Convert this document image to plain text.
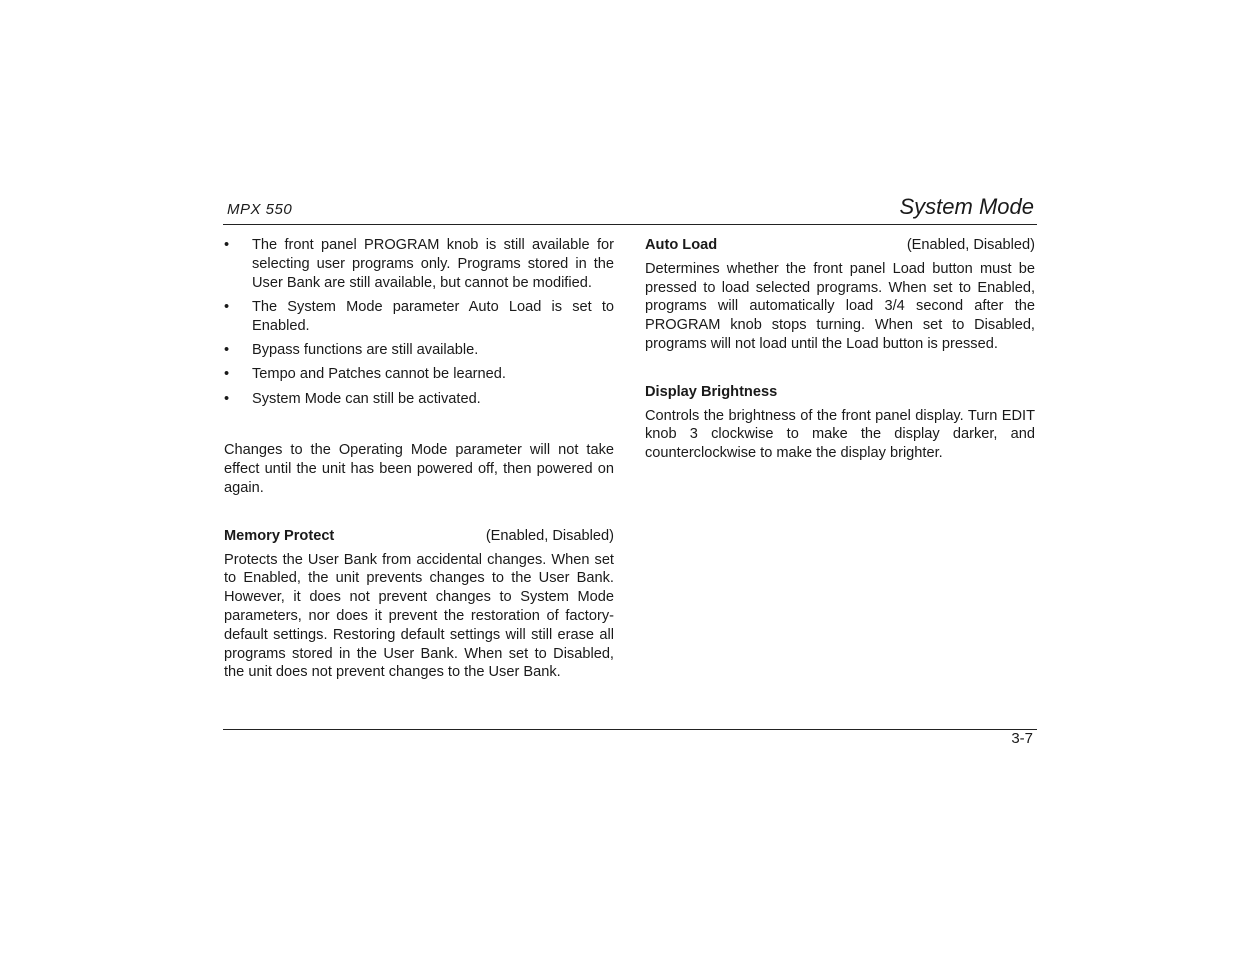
MPX 550	System Mode
• The front panel PROGRAM knob is still available for selecting user programs only. Programs stored in the User Bank are still available, but cannot be modified.
• The System Mode parameter Auto Load is set to Enabled.
• Bypass functions are still available.
• Tempo and Patches cannot be learned.
• System Mode can still be activated.

Changes to the Operating Mode parameter will not take effect until the unit has been powered off, then powered on again.

Memory Protect	(Enabled, Disabled)

Protects the User Bank from accidental changes. When set to Enabled, the unit prevents changes to the User Bank. However, it does not prevent changes to System Mode parameters, nor does it prevent the restoration of factory-default settings. Restoring default settings will still erase all programs stored in the User Bank. When set to Disabled, the unit does not prevent changes to the User Bank.

Auto Load	(Enabled, Disabled)

Determines whether the front panel Load button must be pressed to load selected programs. When set to Enabled, programs will automatically load 3/4 second after the PROGRAM knob stops turning. When set to Disabled, programs will not load until the Load button is pressed.

Display Brightness

Controls the brightness of the front panel display. Turn EDIT knob 3 clockwise to make the display darker, and counterclockwise to make the display brighter.

3-7
